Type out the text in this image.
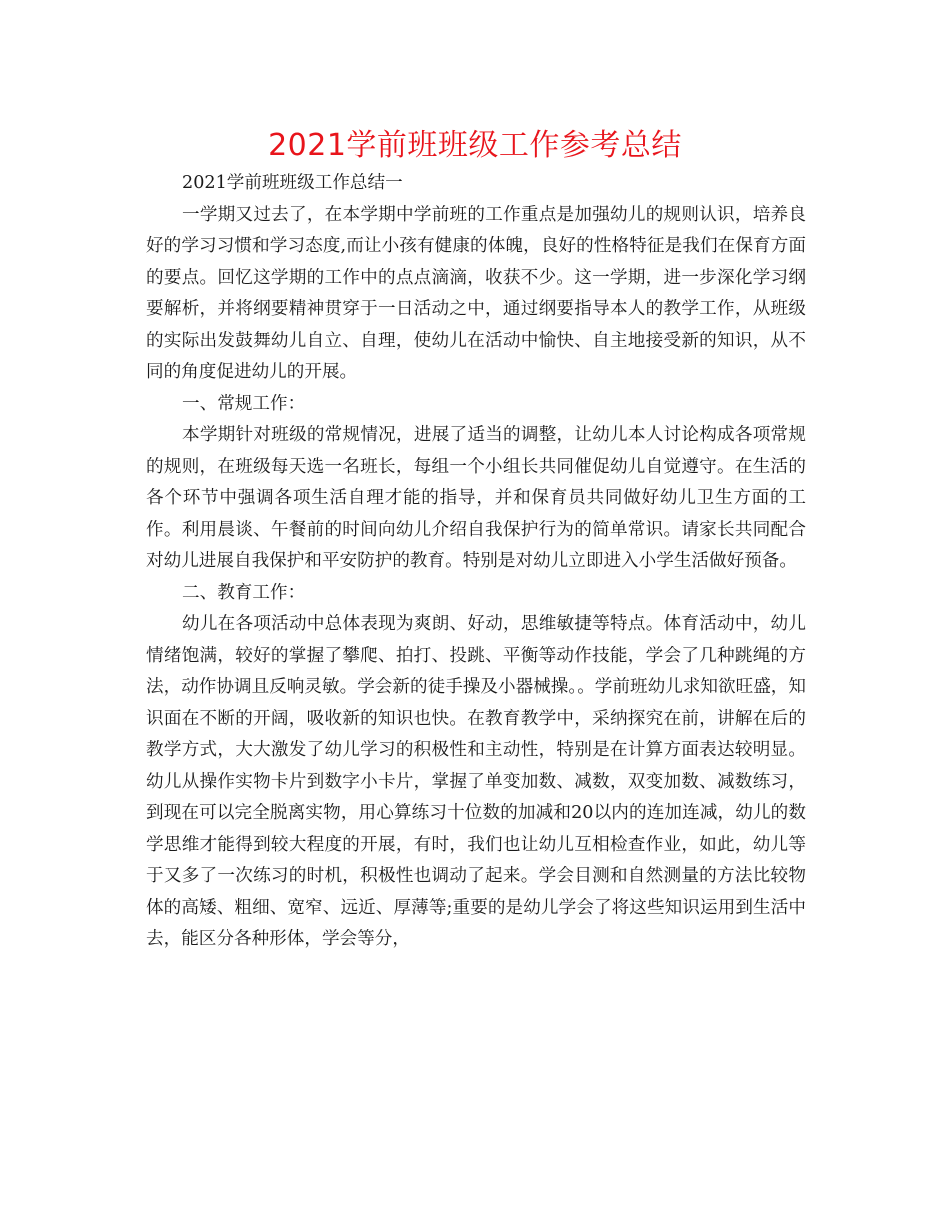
2021学前班班级工作参考总结

2021学前班班级工作总结一

一学期又过去了，在本学期中学前班的工作重点是加强幼儿的规则认识，培养良好的学习习惯和学习态度,而让小孩有健康的体魄，良好的性格特征是我们在保育方面的要点。回忆这学期的工作中的点点滴滴，收获不少。这一学期，进一步深化学习纲要解析，并将纲要精神贯穿于一日活动之中，通过纲要指导本人的教学工作，从班级的实际出发鼓舞幼儿自立、自理，使幼儿在活动中愉快、自主地接受新的知识，从不同的角度促进幼儿的开展。

一、常规工作：

本学期针对班级的常规情况，进展了适当的调整，让幼儿本人讨论构成各项常规的规则，在班级每天选一名班长，每组一个小组长共同催促幼儿自觉遵守。在生活的各个环节中强调各项生活自理才能的指导，并和保育员共同做好幼儿卫生方面的工作。利用晨谈、午餐前的时间向幼儿介绍自我保护行为的简单常识。请家长共同配合对幼儿进展自我保护和平安防护的教育。特别是对幼儿立即进入小学生活做好预备。

二、教育工作：

幼儿在各项活动中总体表现为爽朗、好动，思维敏捷等特点。体育活动中，幼儿情绪饱满，较好的掌握了攀爬、拍打、投跳、平衡等动作技能，学会了几种跳绳的方法，动作协调且反响灵敏。学会新的徒手操及小器械操。。学前班幼儿求知欲旺盛，知识面在不断的开阔，吸收新的知识也快。在教育教学中，采纳探究在前，讲解在后的教学方式，大大激发了幼儿学习的积极性和主动性，特别是在计算方面表达较明显。幼儿从操作实物卡片到数字小卡片，掌握了单变加数、减数，双变加数、减数练习，到现在可以完全脱离实物，用心算练习十位数的加减和20以内的连加连减，幼儿的数学思维才能得到较大程度的开展，有时，我们也让幼儿互相检查作业，如此，幼儿等于又多了一次练习的时机，积极性也调动了起来。学会目测和自然测量的方法比较物体的高矮、粗细、宽窄、远近、厚薄等;重要的是幼儿学会了将这些知识运用到生活中去，能区分各种形体，学会等分，
